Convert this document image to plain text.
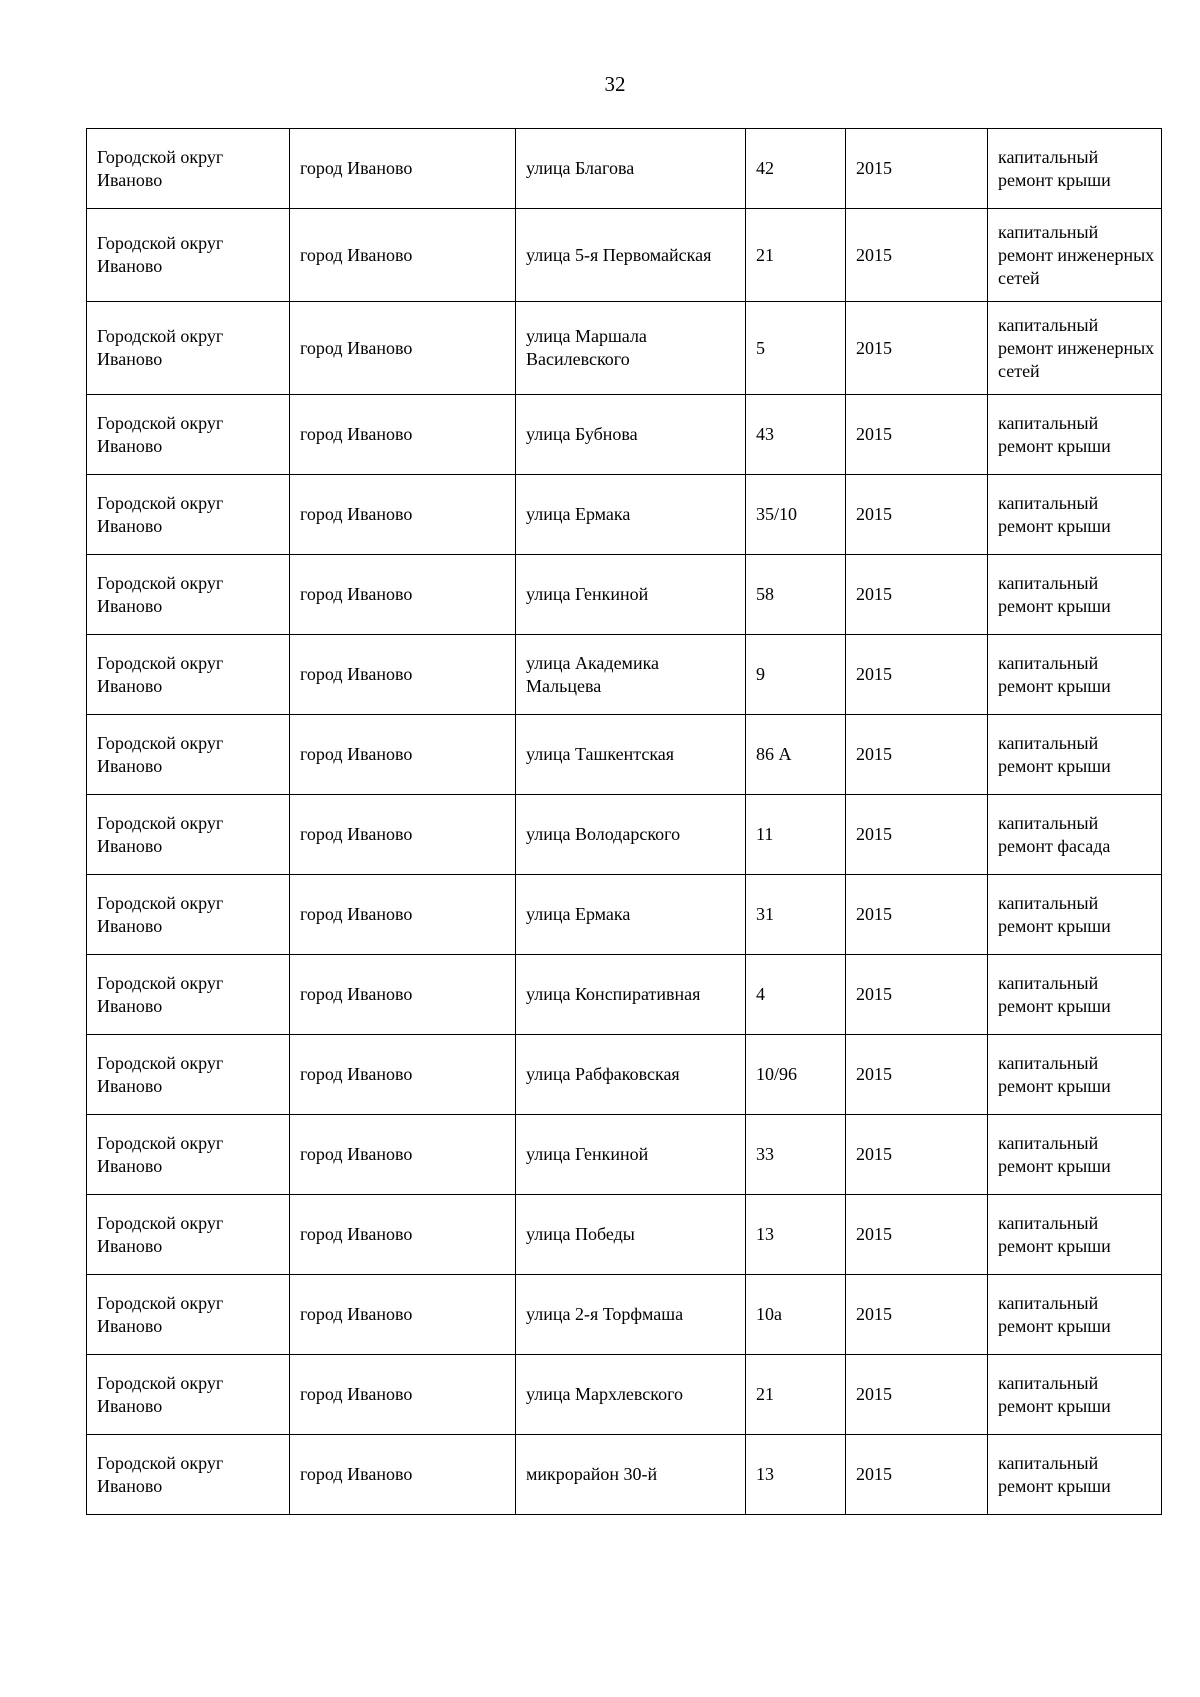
32
Городской округ Иваново	город Иваново	улица Благова	42	2015	капитальный ремонт крыши
Городской округ Иваново	город Иваново	улица 5-я Первомайская	21	2015	капитальный ремонт инженерных сетей
Городской округ Иваново	город Иваново	улица Маршала Василевского	5	2015	капитальный ремонт инженерных сетей
Городской округ Иваново	город Иваново	улица Бубнова	43	2015	капитальный ремонт крыши
Городской округ Иваново	город Иваново	улица Ермака	35/10	2015	капитальный ремонт крыши
Городской округ Иваново	город Иваново	улица Генкиной	58	2015	капитальный ремонт крыши
Городской округ Иваново	город Иваново	улица Академика Мальцева	9	2015	капитальный ремонт крыши
Городской округ Иваново	город Иваново	улица Ташкентская	86 А	2015	капитальный ремонт крыши
Городской округ Иваново	город Иваново	улица Володарского	11	2015	капитальный ремонт фасада
Городской округ Иваново	город Иваново	улица Ермака	31	2015	капитальный ремонт крыши
Городской округ Иваново	город Иваново	улица Конспиративная	4	2015	капитальный ремонт крыши
Городской округ Иваново	город Иваново	улица Рабфаковская	10/96	2015	капитальный ремонт крыши
Городской округ Иваново	город Иваново	улица Генкиной	33	2015	капитальный ремонт крыши
Городской округ Иваново	город Иваново	улица Победы	13	2015	капитальный ремонт крыши
Городской округ Иваново	город Иваново	улица 2-я Торфмаша	10а	2015	капитальный ремонт крыши
Городской округ Иваново	город Иваново	улица Мархлевского	21	2015	капитальный ремонт крыши
Городской округ Иваново	город Иваново	микрорайон 30-й	13	2015	капитальный ремонт крыши
